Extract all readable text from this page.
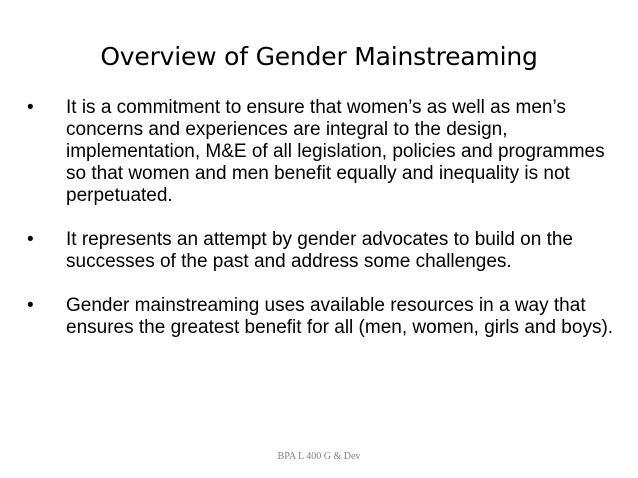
Overview of Gender Mainstreaming
•	It is a commitment to ensure that women’s as well as men’s concerns and experiences are integral to the design, implementation, M&E of all legislation, policies and programmes so that women and men benefit equally and inequality is not perpetuated.
•	It represents an attempt by gender advocates to build on the successes of the past and address some challenges.
•	Gender mainstreaming uses available resources in a way that ensures the greatest benefit for all (men, women, girls and boys).
BPA L 400 G & Dev
